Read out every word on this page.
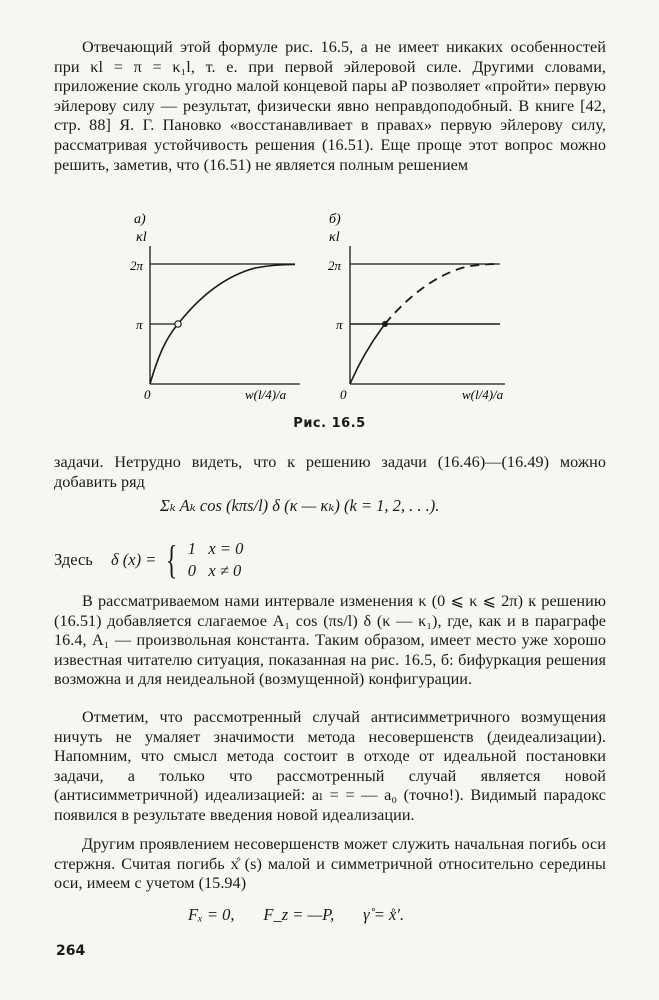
Отвечающий этой формуле рис. 16.5, а не имеет никаких особенностей при κl = π = κ₁l, т. е. при первой эйлеровой силе. Другими словами, приложение сколь угодно малой концевой пары aP позволяет «пройти» первую эйлерову силу — результат, физически явно неправдоподобный. В книге [42, стр. 88] Я. Г. Пановко «восстанавливает в правах» первую эйлерову силу, рассматривая устойчивость решения (16.51). Еще проще этот вопрос можно решить, заметив, что (16.51) не является полным решением

а)
κl
2π
π
0	w(l/4)/a
б)
κl
2π
π
0	w(l/4)/a
Рис. 16.5

задачи. Нетрудно видеть, что к решению задачи (16.46)—(16.49) можно добавить ряд

Σₖ Aₖ cos (kπs/l) δ (κ — κₖ) (k = 1, 2, . . .).
Здесь δ (x) = { 1   x = 0
0   x ≠ 0

В рассматриваемом нами интервале изменения κ (0 ⩽ κ ⩽ 2π) к решению (16.51) добавляется слагаемое A₁ cos (πs/l) δ (κ — κ₁), где, как и в параграфе 16.4, A₁ — произвольная константа. Таким образом, имеет место уже хорошо известная читателю ситуация, показанная на рис. 16.5, б: бифуркация решения возможна и для неидеальной (возмущенной) конфигурации.

Отметим, что рассмотренный случай антисимметричного возмущения ничуть не умаляет значимости метода несовершенств (деидеализации). Напомним, что смысл метода состоит в отходе от идеальной постановки задачи, а только что рассмотренный случай является новой (антисимметричной) идеализацией: aₗ = = — a₀ (точно!). Видимый парадокс появился в результате введения новой идеализации.

Другим проявлением несовершенств может служить начальная погибь оси стержня. Считая погибь x̊ (s) малой и симметричной относительно середины оси, имеем с учетом (15.94)

Fₓ = 0,       F_z = —P,       γ̊ = x̊′.
264
